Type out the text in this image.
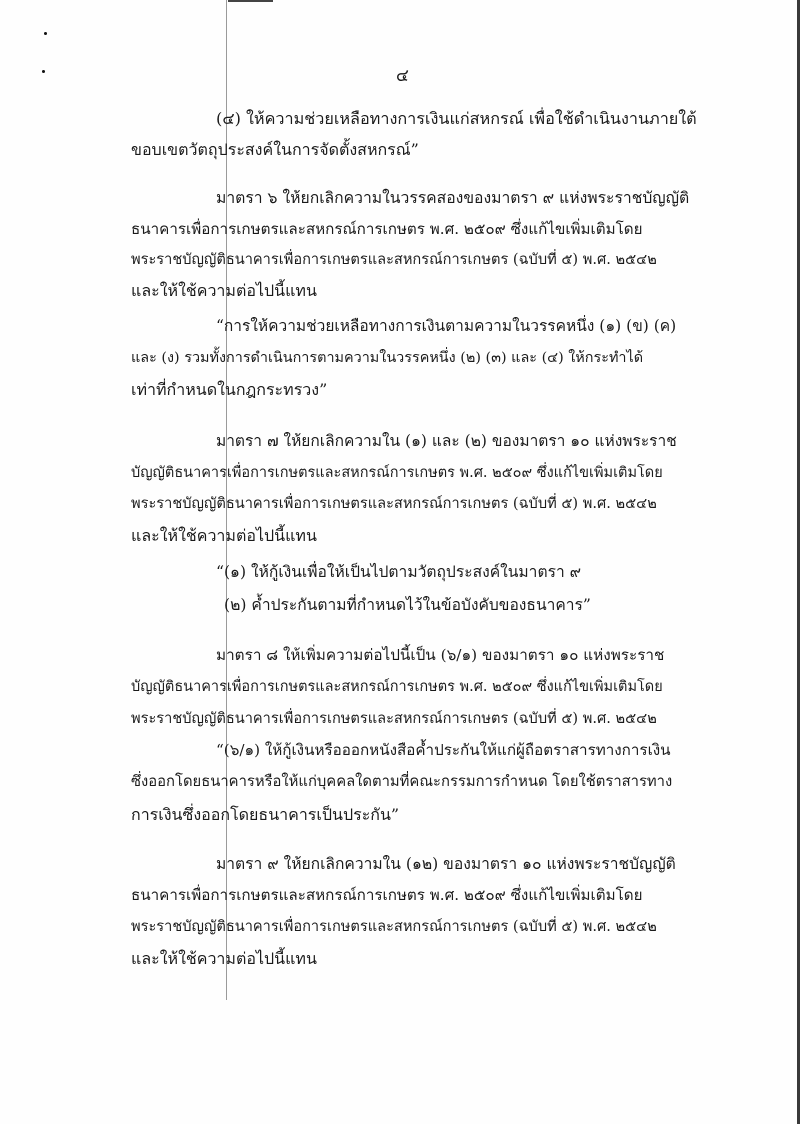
๔
(๔) ให้ความช่วยเหลือทางการเงินแก่สหกรณ์ เพื่อใช้ดำเนินงานภายใต้
ขอบเขตวัตถุประสงค์ในการจัดตั้งสหกรณ์”
มาตรา ๖ ให้ยกเลิกความในวรรคสองของมาตรา ๙ แห่งพระราชบัญญัติ
ธนาคารเพื่อการเกษตรและสหกรณ์การเกษตร พ.ศ. ๒๕๐๙ ซึ่งแก้ไขเพิ่มเติมโดย
พระราชบัญญัติธนาคารเพื่อการเกษตรและสหกรณ์การเกษตร (ฉบับที่ ๕) พ.ศ. ๒๕๔๒
และให้ใช้ความต่อไปนี้แทน
“การให้ความช่วยเหลือทางการเงินตามความในวรรคหนึ่ง (๑) (ข) (ค)
และ (ง) รวมทั้งการดำเนินการตามความในวรรคหนึ่ง (๒) (๓) และ (๔) ให้กระทำได้
เท่าที่กำหนดในกฎกระทรวง”
มาตรา ๗ ให้ยกเลิกความใน (๑) และ (๒) ของมาตรา ๑๐ แห่งพระราช
บัญญัติธนาคารเพื่อการเกษตรและสหกรณ์การเกษตร พ.ศ. ๒๕๐๙ ซึ่งแก้ไขเพิ่มเติมโดย
พระราชบัญญัติธนาคารเพื่อการเกษตรและสหกรณ์การเกษตร (ฉบับที่ ๕) พ.ศ. ๒๕๔๒
และให้ใช้ความต่อไปนี้แทน
“(๑) ให้กู้เงินเพื่อให้เป็นไปตามวัตถุประสงค์ในมาตรา ๙
(๒) ค้ำประกันตามที่กำหนดไว้ในข้อบังคับของธนาคาร”
มาตรา ๘ ให้เพิ่มความต่อไปนี้เป็น (๖/๑) ของมาตรา ๑๐ แห่งพระราช
บัญญัติธนาคารเพื่อการเกษตรและสหกรณ์การเกษตร พ.ศ. ๒๕๐๙ ซึ่งแก้ไขเพิ่มเติมโดย
พระราชบัญญัติธนาคารเพื่อการเกษตรและสหกรณ์การเกษตร (ฉบับที่ ๕) พ.ศ. ๒๕๔๒
“(๖/๑) ให้กู้เงินหรือออกหนังสือค้ำประกันให้แก่ผู้ถือตราสารทางการเงิน
ซึ่งออกโดยธนาคารหรือให้แก่บุคคลใดตามที่คณะกรรมการกำหนด โดยใช้ตราสารทาง
การเงินซึ่งออกโดยธนาคารเป็นประกัน”
มาตรา ๙ ให้ยกเลิกความใน (๑๒) ของมาตรา ๑๐ แห่งพระราชบัญญัติ
ธนาคารเพื่อการเกษตรและสหกรณ์การเกษตร พ.ศ. ๒๕๐๙ ซึ่งแก้ไขเพิ่มเติมโดย
พระราชบัญญัติธนาคารเพื่อการเกษตรและสหกรณ์การเกษตร (ฉบับที่ ๕) พ.ศ. ๒๕๔๒
และให้ใช้ความต่อไปนี้แทน
